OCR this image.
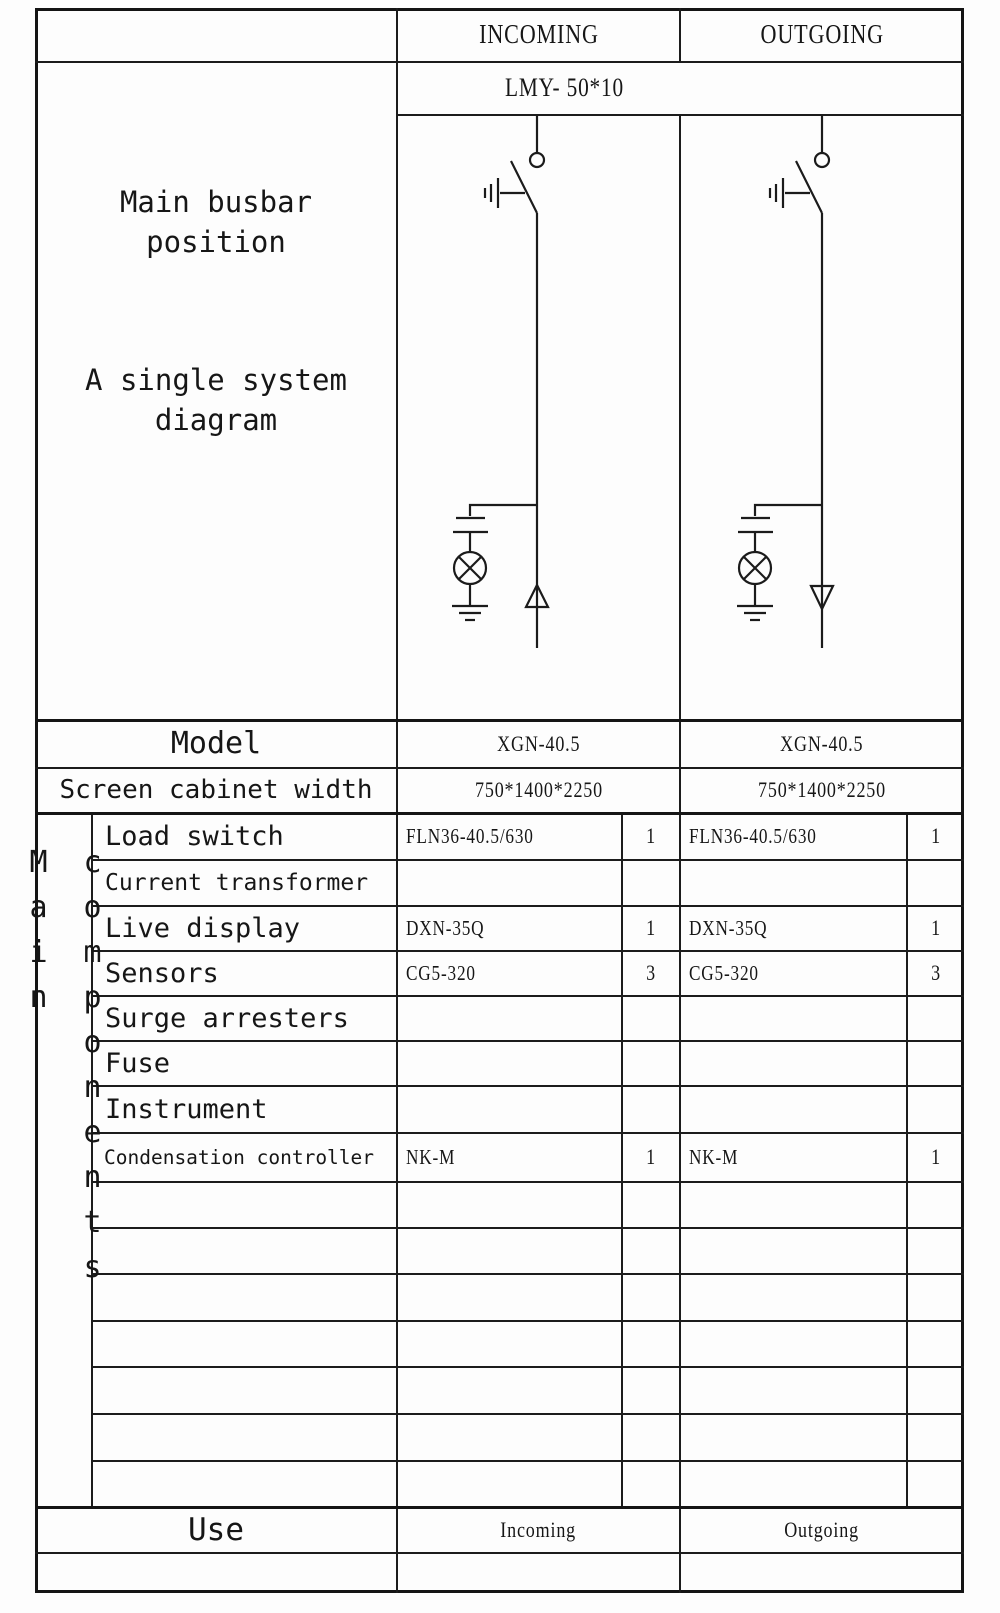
INCOMING	OUTGOING
LMY- 50*10
Main busbar
position
A single system
diagram
Model	XGN-40.5	XGN-40.5
Screen cabinet width	750*1400*2250	750*1400*2250
Main components
Load switch	FLN36-40.5/630	1 FLN36-40.5/630	1
Current transformer
Live display	DXN-35Q	1 DXN-35Q	1
Sensors	CG5-320	3 CG5-320	3
Surge arresters
Fuse
Instrument
Condensation controller	NK-M	1 NK-M	1
Use	Incoming	Outgoing
